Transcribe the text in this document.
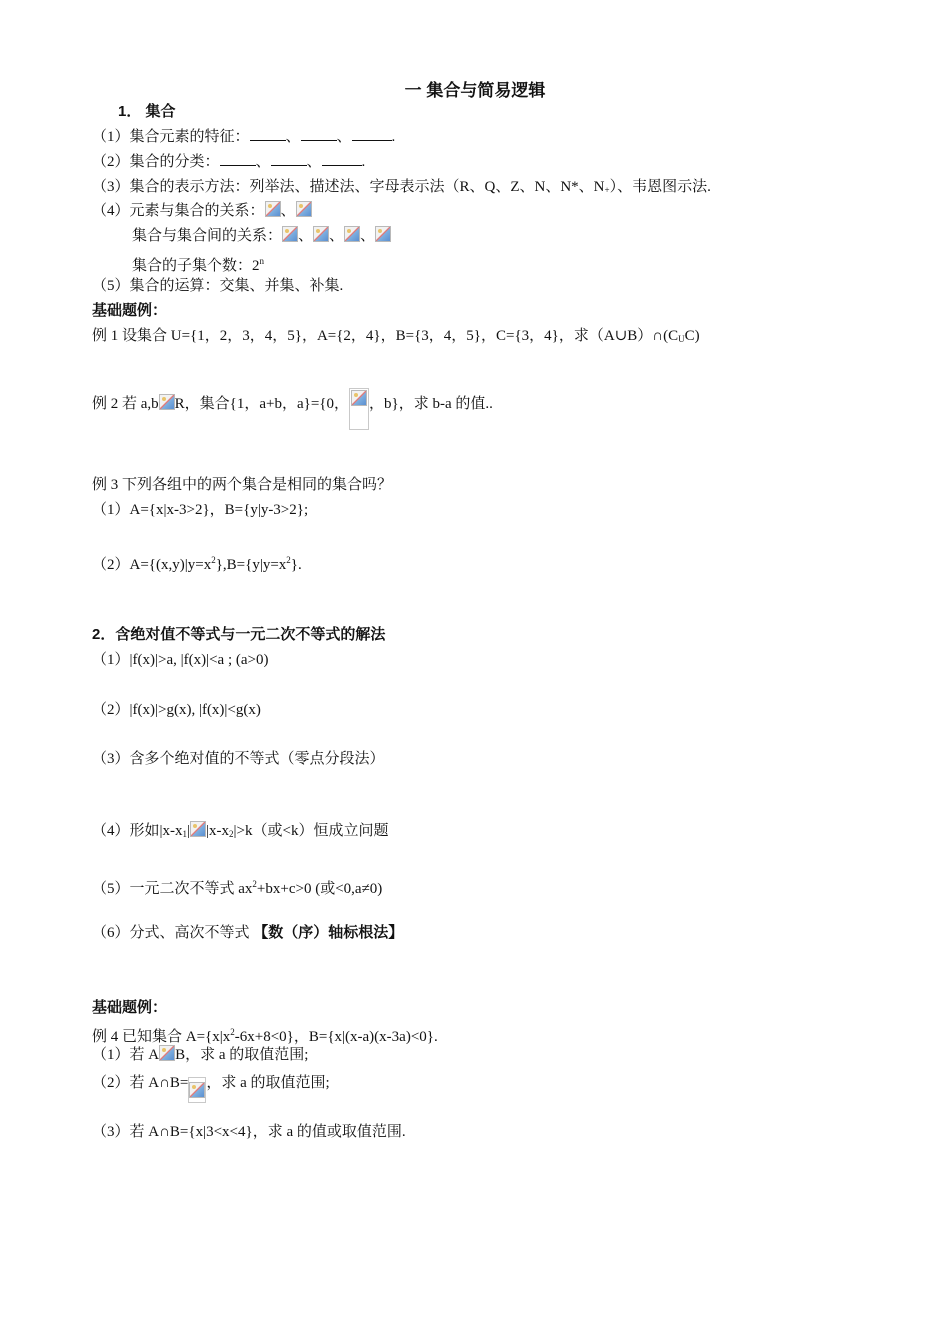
一 集合与简易逻辑
1． 集合
（1）集合元素的特征： 、 、	.
（2）集合的分类： 、 、	.
（3）集合的表示方法：列举法、描述法、字母表示法（R、Q、Z、N、N*、$N_+$）、韦恩图示法.
（4）元素与集合的关系： 、
集合与集合间的关系： 、 、 、
集合的子集个数：2$^n$
（5）集合的运算：交集、并集、补集.
基础题例：
例 1 设集合 U={1，2，3，4，5}，A={2，4}，B={3，4，5}，C={3，4}，求$(A\cup B)\cap(C_UC)$
例 2 若 a,b R，集合{1，a+b，a}={0， ，b}，求 b-a 的值..
例 3 下列各组中的两个集合是相同的集合吗？
（1）A={x|x-3>2}，B={y|y-3>2};
$(2)A=\{(x,y)|y=x^2\},B=\{y|y=x^2\}$.
2．含绝对值不等式与一元二次不等式的解法
（1）|f(x)|>a, |f(x)|<a ; (a>0)
（2）|f(x)|>g(x), |f(x)|<g(x)
（3）含多个绝对值的不等式（零点分段法）
（4）形如$|x-x_1|$ $|x-x_2|>k$（或<k）恒成立问题
（5）一元二次不等式 $ax^2+bx+c>0$ (或<0,a≠0)
（6）分式、高次不等式 【数（序）轴标根法】
基础题例：
例 4 已知集合 $A=\{x|x^2-6x+8<0\}$，B={x|(x-a)(x-3a)<0}.
（1）若 A B，求 a 的取值范围;
（2）若 A∩B= ，求 a 的取值范围;
（3）若 A∩B={x|3<x<4}，求 a 的值或取值范围.
